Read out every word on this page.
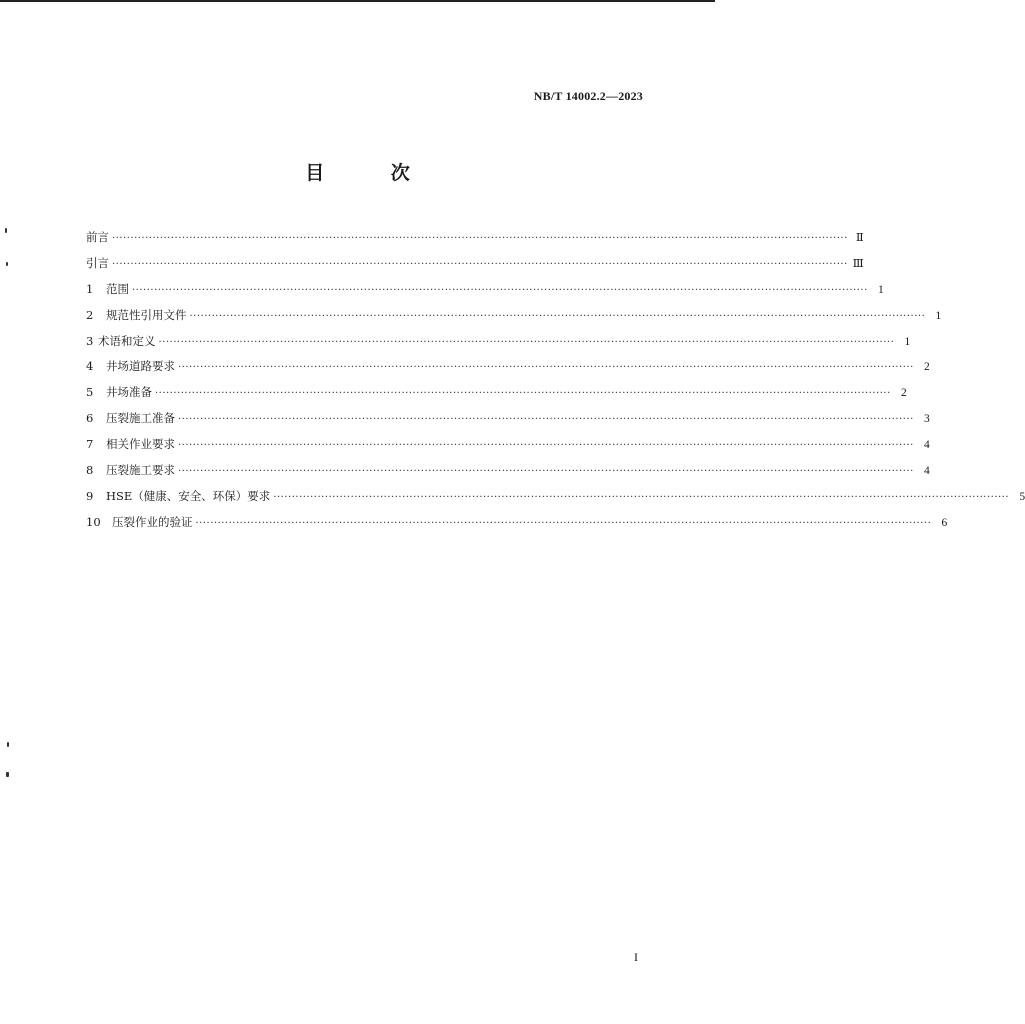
NB/T 14002.2—2023
目 次
前言 ········································································································································································································ Ⅱ
引言 ········································································································································································································ Ⅲ
1	范围 ········································································································································································································ 1
2	规范性引用文件 ········································································································································································································ 1
3 术语和定义 ········································································································································································································ 1
4	井场道路要求 ········································································································································································································ 2
5	井场准备 ········································································································································································································ 2
6	压裂施工准备 ········································································································································································································ 3
7	相关作业要求 ········································································································································································································ 4
8	压裂施工要求 ········································································································································································································ 4
9	HSE（健康、安全、环保）要求 ········································································································································································································ 5
10 压裂作业的验证 ········································································································································································································ 6
I
